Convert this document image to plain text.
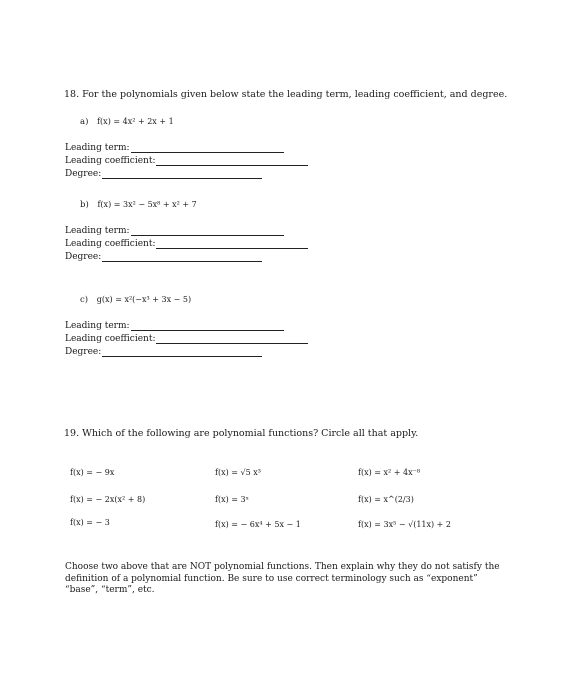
18. For the polynomials given below state the leading term, leading coefficient, and degree.
a) f(x) = 4x² + 2x + 1
Leading term:
Leading coefficient:
Degree:
b) f(x) = 3x² − 5x⁸ + x² + 7
Leading term:
Leading coefficient:
Degree:
c) g(x) = x²(−x³ + 3x − 5)
Leading term:
Leading coefficient:
Degree:
19. Which of the following are polynomial functions? Circle all that apply.
f(x) = − 9x	f(x) = √5 x³	f(x) = x² + 4x⁻⁸
f(x) = − 2x(x² + 8)	f(x) = 3ˣ	f(x) = x^(2/3)
f(x) = − 3	f(x) = − 6x⁴ + 5x − 1	f(x) = 3x⁵ − √(11x) + 2
Choose two above that are NOT polynomial functions. Then explain why they do not satisfy the definition of a polynomial function. Be sure to use correct terminology such as “exponent” “base”, “term”, etc.
